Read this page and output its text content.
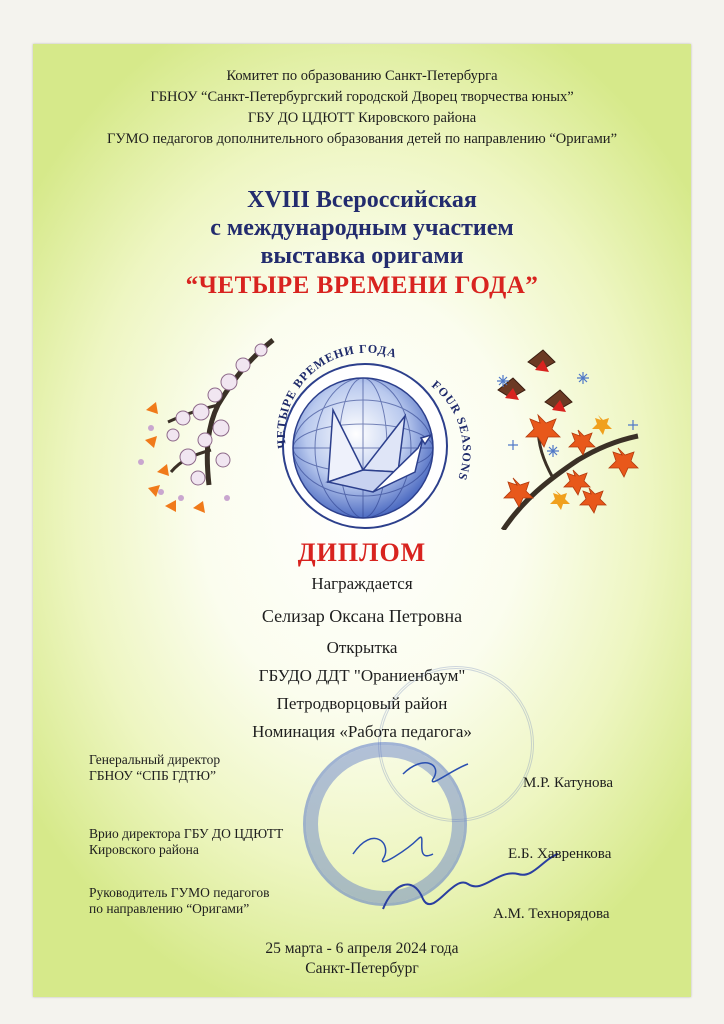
Комитет по образованию Санкт-Петербурга
ГБНОУ “Санкт-Петербургский городской Дворец творчества юных”
ГБУ ДО ЦДЮТТ Кировского района
ГУМО педагогов дополнительного образования детей по направлению “Оригами”
XVIII Всероссийская
с международным участием
выставка оригами
“ЧЕТЫРЕ ВРЕМЕНИ ГОДА”
ЧЕТЫРЕ ВРЕМЕНИ ГОДА
FOUR SEASONS
ДИПЛОМ
Награждается
Селизар Оксана Петровна
Открытка
ГБУДО ДДТ "Ораниенбаум"
Петродворцовый район
Номинация «Работа педагога»
Генеральный директор
ГБНОУ “СПБ ГДТЮ”	М.Р. Катунова
Врио директора ГБУ ДО ЦДЮТТ
Кировского района	Е.Б. Хавренкова
Руководитель ГУМО педагогов
по направлению “Оригами”	А.М. Технорядова
25 марта - 6 апреля 2024 года
Санкт-Петербург
